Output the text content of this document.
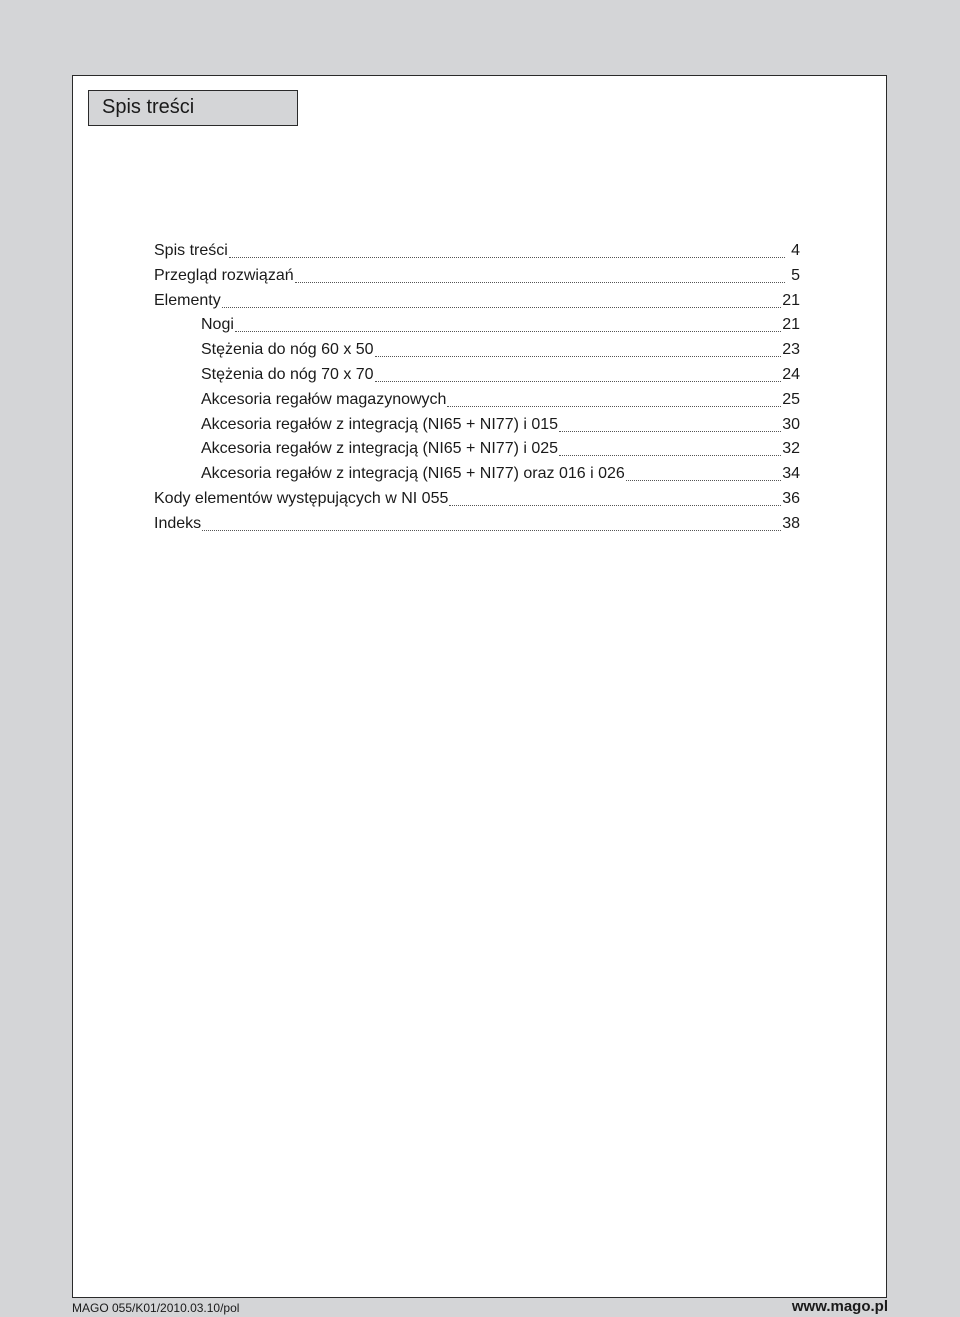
Spis treści
Spis treści	4
Przegląd rozwiązań	5
Elementy	21
Nogi	21
Stężenia do nóg 60 x 50	23
Stężenia do nóg 70 x 70	24
Akcesoria regałów magazynowych	25
Akcesoria regałów z integracją (NI65 + NI77) i 015	30
Akcesoria regałów z integracją (NI65 + NI77) i 025	32
Akcesoria regałów z integracją (NI65 + NI77) oraz 016 i 026	34
Kody elementów występujących w NI 055	36
Indeks	38
MAGO 055/K01/2010.03.10/pol	www.mago.pl
